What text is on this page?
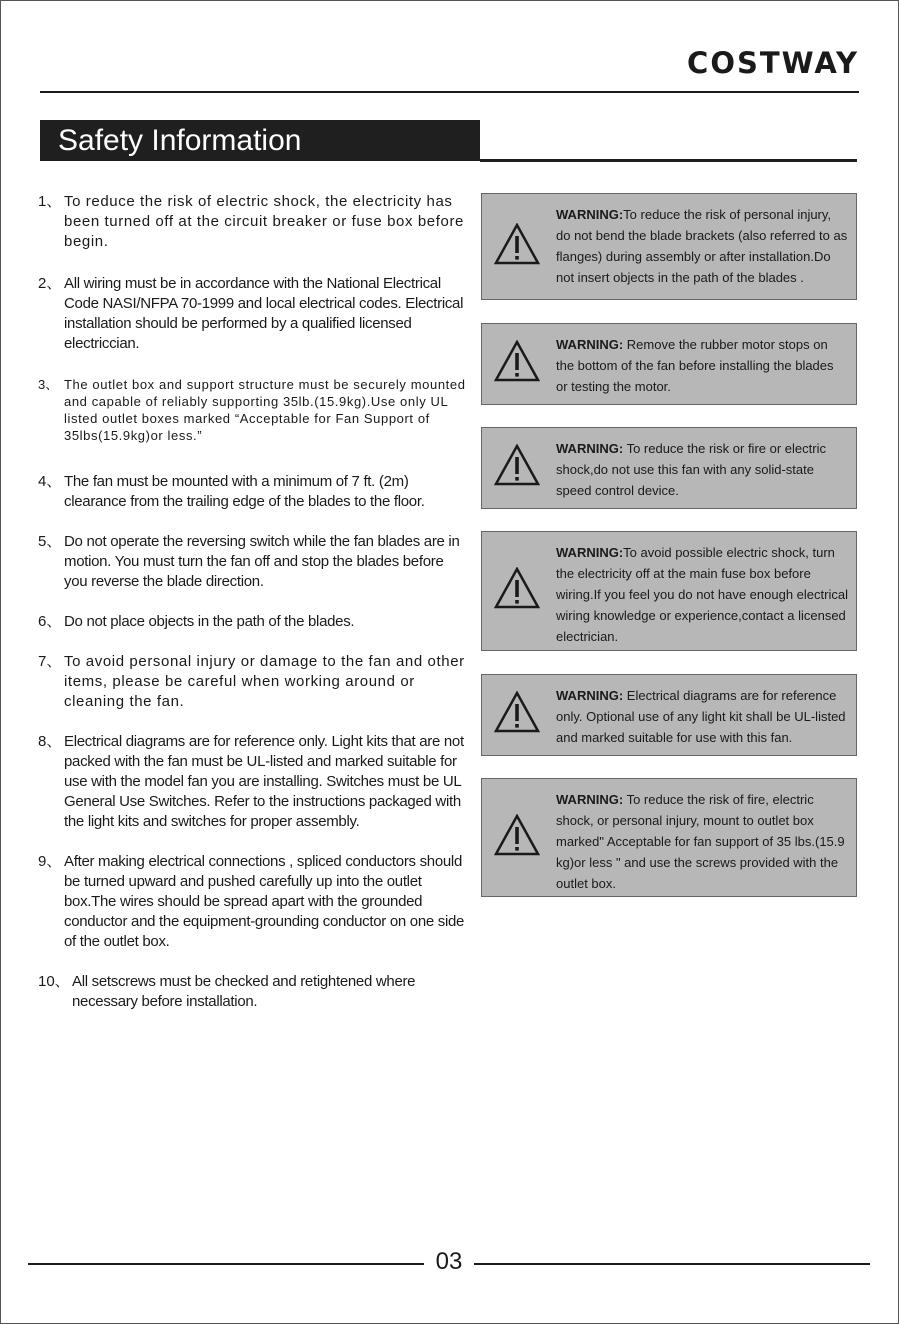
COSTWAY
Safety Information
1、 To reduce the risk of electric shock, the electricity has been turned off at the circuit breaker or fuse box before begin.
2、 All wiring must be in accordance with the National Electrical Code NASI/NFPA 70-1999 and local electrical codes. Electrical installation should be performed by a qualified licensed electriccian.
3、 The outlet box and support structure must be securely mounted and capable of reliably supporting 35lb.(15.9kg).Use only UL listed outlet boxes marked “Acceptable for Fan Support of 35lbs(15.9kg)or less.”
4、 The fan must be mounted with a minimum of 7 ft. (2m) clearance from the trailing edge of the blades to the floor.
5、 Do not operate the reversing switch while the fan blades are in motion. You must turn the fan off and stop the blades before you reverse the blade direction.
6、 Do not place objects in the path of the blades.
7、 To avoid personal injury or damage to the fan and other items, please be careful when working around or cleaning the fan.
8、 Electrical diagrams are for reference only. Light kits that are not packed with the fan must be UL-listed and marked suitable for use with the model fan you are installing. Switches must be UL General Use Switches. Refer to the instructions packaged with the light kits and switches for proper assembly.
9、 After making electrical connections , spliced conductors should be turned upward and pushed carefully up into the outlet box.The wires should be spread apart with the grounded conductor and the equipment-grounding conductor on one side of the outlet box.
10、 All setscrews must be checked and retightened where necessary before installation.
WARNING:To reduce the risk of personal injury, do not bend the blade brackets (also referred to as flanges) during assembly or after installation.Do not insert objects in the path of the blades .
WARNING: Remove the rubber motor stops on the bottom of the fan before installing the blades or testing the motor.
WARNING: To reduce the risk or fire or electric shock,do not use this fan with any solid-state speed control device.
WARNING:To avoid possible electric shock, turn the electricity off at the main fuse box before wiring.If you feel you do not have enough electrical wiring knowledge or experience,contact a licensed electrician.
WARNING: Electrical diagrams are for reference only. Optional use of any light kit shall be UL-listed and marked suitable for use with this fan.
WARNING: To reduce the risk of fire, electric shock, or personal injury, mount to outlet box marked" Acceptable for fan support of 35 lbs.(15.9 kg)or less " and use the screws provided with the outlet box.
03
